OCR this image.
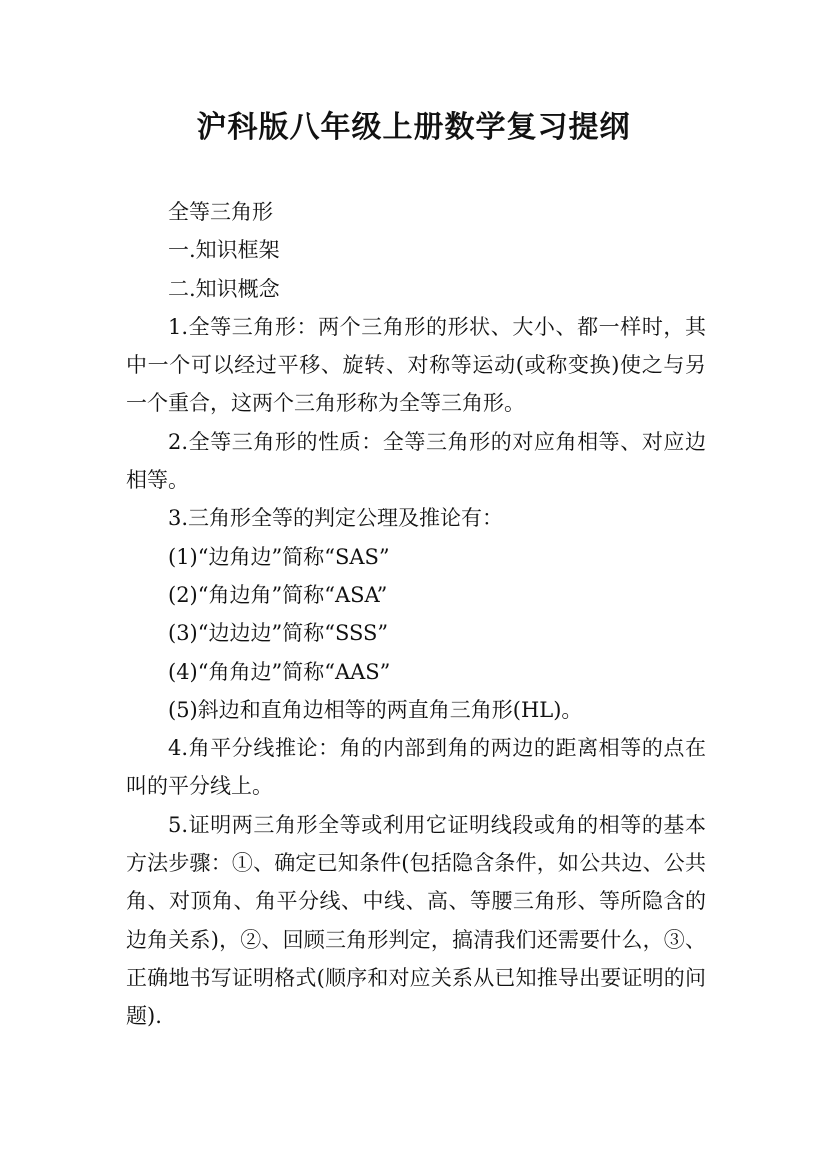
沪科版八年级上册数学复习提纲

全等三角形

一.知识框架

二.知识概念

1.全等三角形：两个三角形的形状、大小、都一样时，其中一个可以经过平移、旋转、对称等运动(或称变换)使之与另一个重合，这两个三角形称为全等三角形。

2.全等三角形的性质：全等三角形的对应角相等、对应边相等。

3.三角形全等的判定公理及推论有：

(1)“边角边”简称“SAS”

(2)“角边角”简称“ASA”

(3)“边边边”简称“SSS”

(4)“角角边”简称“AAS”

(5)斜边和直角边相等的两直角三角形(HL)。

4.角平分线推论：角的内部到角的两边的距离相等的点在叫的平分线上。

5.证明两三角形全等或利用它证明线段或角的相等的基本方法步骤：①、确定已知条件(包括隐含条件，如公共边、公共角、对顶角、角平分线、中线、高、等腰三角形、等所隐含的边角关系)，②、回顾三角形判定，搞清我们还需要什么，③、正确地书写证明格式(顺序和对应关系从已知推导出要证明的问题).
